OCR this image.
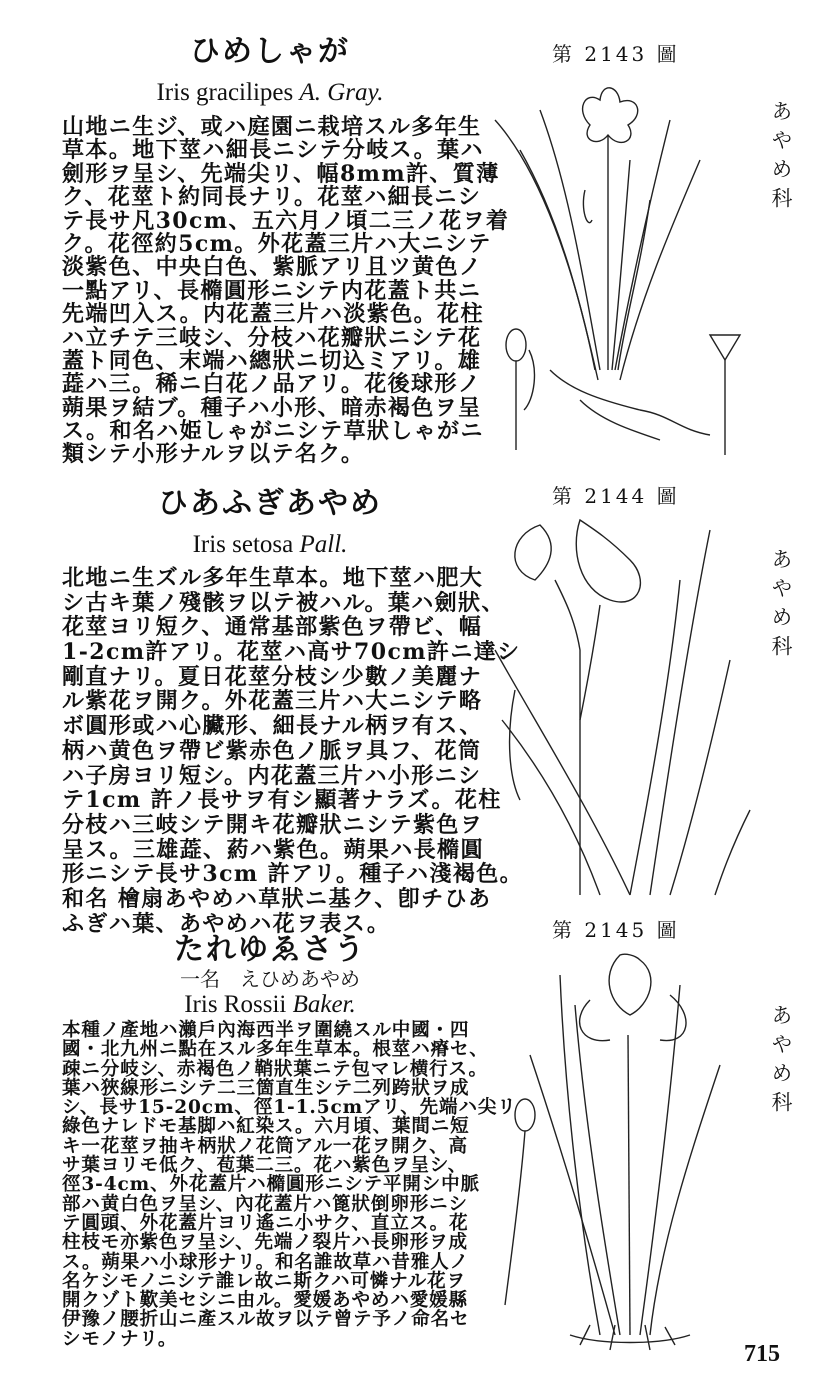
ひめしゃが
Iris gracilipes A. Gray.
山地ニ生ジ、或ハ庭園ニ栽培スル多年生
草本。地下莖ハ細長ニシテ分岐ス。葉ハ
劍形ヲ呈シ、先端尖リ、幅8mm許、質薄
ク、花莖ト約同長ナリ。花莖ハ細長ニシ
テ長サ凡30cm、五六月ノ頃二三ノ花ヲ着
ク。花徑約5cm。外花蓋三片ハ大ニシテ
淡紫色、中央白色、紫脈アリ且ツ黄色ノ
一點アリ、長橢圓形ニシテ内花蓋ト共ニ
先端凹入ス。内花蓋三片ハ淡紫色。花柱
ハ立チテ三岐シ、分枝ハ花瓣狀ニシテ花
蓋ト同色、末端ハ總狀ニ切込ミアリ。雄
蕋ハ三。稀ニ白花ノ品アリ。花後球形ノ
蒴果ヲ結ブ。種子ハ小形、暗赤褐色ヲ呈
ス。和名ハ姫しゃがニシテ草狀しゃがニ
類シテ小形ナルヲ以テ名ク。
ひあふぎあやめ
Iris setosa Pall.
北地ニ生ズル多年生草本。地下莖ハ肥大
シ古キ葉ノ殘骸ヲ以テ被ハル。葉ハ劍狀、
花莖ヨリ短ク、通常基部紫色ヲ帶ビ、幅
1-2cm許アリ。花莖ハ高サ70cm許ニ達シ
剛直ナリ。夏日花莖分枝シ少數ノ美麗ナ
ル紫花ヲ開ク。外花蓋三片ハ大ニシテ略
ボ圓形或ハ心臟形、細長ナル柄ヲ有ス、
柄ハ黄色ヲ帶ビ紫赤色ノ脈ヲ具フ、花筒
ハ子房ヨリ短シ。内花蓋三片ハ小形ニシ
テ1cm 許ノ長サヲ有シ顯著ナラズ。花柱
分枝ハ三岐シテ開キ花瓣狀ニシテ紫色ヲ
呈ス。三雄蕋、葯ハ紫色。蒴果ハ長橢圓
形ニシテ長サ3cm 許アリ。種子ハ淺褐色。
和名 檜扇あやめハ草狀ニ基ク、卽チひあ
ふぎハ葉、あやめハ花ヲ表ス。
たれゆゑさう
一名　えひめあやめ
Iris Rossii Baker.
本種ノ產地ハ瀨戶內海西半ヲ圍繞スル中國・四
國・北九州ニ點在スル多年生草本。根莖ハ瘠セ、
疎ニ分岐シ、赤褐色ノ鞘狀葉ニテ包マレ横行ス。
葉ハ狹線形ニシテ二三箇直生シテ二列跨狀ヲ成
シ、長サ15-20cm、徑1-1.5cmアリ、先端ハ尖リ
綠色ナレドモ基脚ハ紅染ス。六月頃、葉間ニ短
キ一花莖ヲ抽キ柄狀ノ花筒アル一花ヲ開ク、高
サ葉ヨリモ低ク、苞葉二三。花ハ紫色ヲ呈シ、
徑3-4cm、外花蓋片ハ橢圓形ニシテ平開シ中脈
部ハ黄白色ヲ呈シ、內花蓋片ハ篦狀倒卵形ニシ
テ圓頭、外花蓋片ヨリ遙ニ小サク、直立ス。花
柱枝モ亦紫色ヲ呈シ、先端ノ裂片ハ長卵形ヲ成
ス。蒴果ハ小球形ナリ。和名誰故草ハ昔雅人ノ
名ケシモノニシテ誰レ故ニ斯クハ可憐ナル花ヲ
開クゾト歎美セシニ由ル。愛媛あやめハ愛媛縣
伊豫ノ腰折山ニ產スル故ヲ以テ曾テ予ノ命名セ
シモノナリ。
第 2143 圖
第 2144 圖
第 2145 圖
あやめ科
あやめ科
あやめ科
715
